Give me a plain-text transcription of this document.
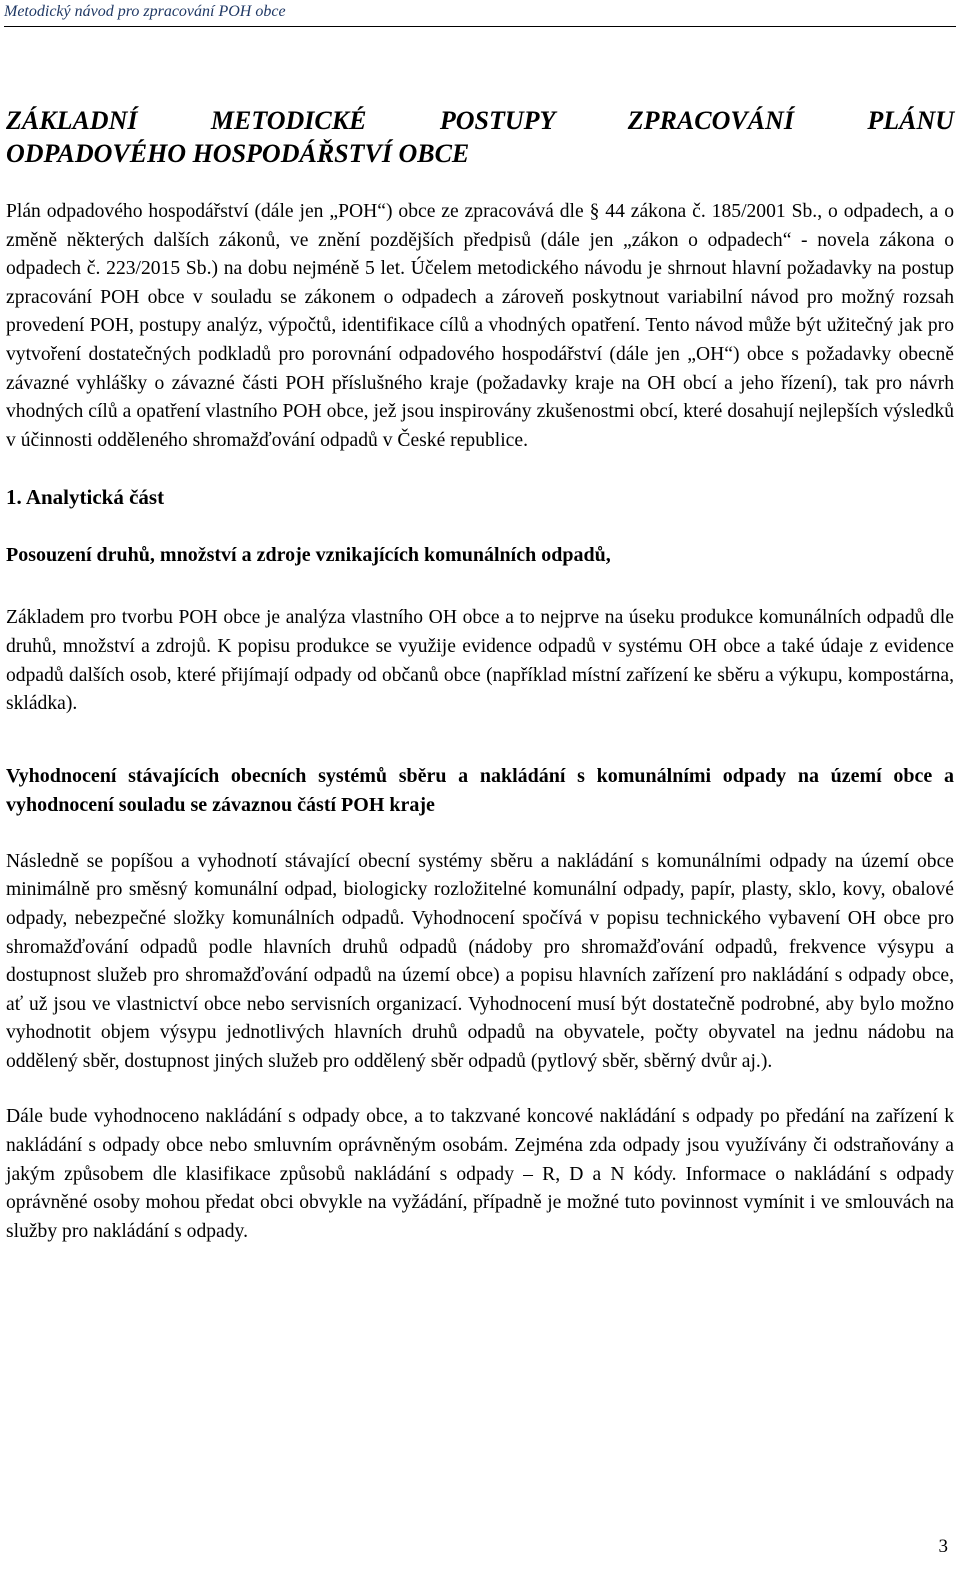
Metodický návod pro zpracování POH obce
ZÁKLADNÍ METODICKÉ POSTUPY ZPRACOVÁNÍ PLÁNU
ODPADOVÉHO HOSPODÁŘSTVÍ OBCE

Plán odpadového hospodářství (dále jen „POH“) obce ze zpracovává dle § 44 zákona č. 185/2001 Sb., o odpadech, a o změně některých dalších zákonů, ve znění pozdějších předpisů (dále jen „zákon o odpadech“ - novela zákona o odpadech č. 223/2015 Sb.) na dobu nejméně 5 let. Účelem metodického návodu je shrnout hlavní požadavky na postup zpracování POH obce v souladu se zákonem o odpadech a zároveň poskytnout variabilní návod pro možný rozsah provedení POH, postupy analýz, výpočtů, identifikace cílů a vhodných opatření. Tento návod může být užitečný jak pro vytvoření dostatečných podkladů pro porovnání odpadového hospodářství (dále jen „OH“) obce s požadavky obecně závazné vyhlášky o závazné části POH příslušného kraje (požadavky kraje na OH obcí a jeho řízení), tak pro návrh vhodných cílů a opatření vlastního POH obce, jež jsou inspirovány zkušenostmi obcí, které dosahují nejlepších výsledků v účinnosti odděleného shromažďování odpadů v České republice.

1. Analytická část
Posouzení druhů, množství a zdroje vznikajících komunálních odpadů,

Základem pro tvorbu POH obce je analýza vlastního OH obce a to nejprve na úseku produkce komunálních odpadů dle druhů, množství a zdrojů. K popisu produkce se využije evidence odpadů v systému OH obce a také údaje z evidence odpadů dalších osob, které přijímají odpady od občanů obce (například místní zařízení ke sběru a výkupu, kompostárna, skládka).

Vyhodnocení stávajících obecních systémů sběru a nakládání s komunálními odpady na území obce a vyhodnocení souladu se závaznou částí POH kraje

Následně se popíšou a vyhodnotí stávající obecní systémy sběru a nakládání s komunálními odpady na území obce minimálně pro směsný komunální odpad, biologicky rozložitelné komunální odpady, papír, plasty, sklo, kovy, obalové odpady, nebezpečné složky komunálních odpadů. Vyhodnocení spočívá v popisu technického vybavení OH obce pro shromažďování odpadů podle hlavních druhů odpadů (nádoby pro shromažďování odpadů, frekvence výsypu a dostupnost služeb pro shromažďování odpadů na území obce) a popisu hlavních zařízení pro nakládání s odpady obce, ať už jsou ve vlastnictví obce nebo servisních organizací. Vyhodnocení musí být dostatečně podrobné, aby bylo možno vyhodnotit objem výsypu jednotlivých hlavních druhů odpadů na obyvatele, počty obyvatel na jednu nádobu na oddělený sběr, dostupnost jiných služeb pro oddělený sběr odpadů (pytlový sběr, sběrný dvůr aj.).

Dále bude vyhodnoceno nakládání s odpady obce, a to takzvané koncové nakládání s odpady po předání na zařízení k nakládání s odpady obce nebo smluvním oprávněným osobám. Zejména zda odpady jsou využívány či odstraňovány a jakým způsobem dle klasifikace způsobů nakládání s odpady – R, D a N kódy. Informace o nakládání s odpady oprávněné osoby mohou předat obci obvykle na vyžádání, případně je možné tuto povinnost vymínit i ve smlouvách na služby pro nakládání s odpady.

3
